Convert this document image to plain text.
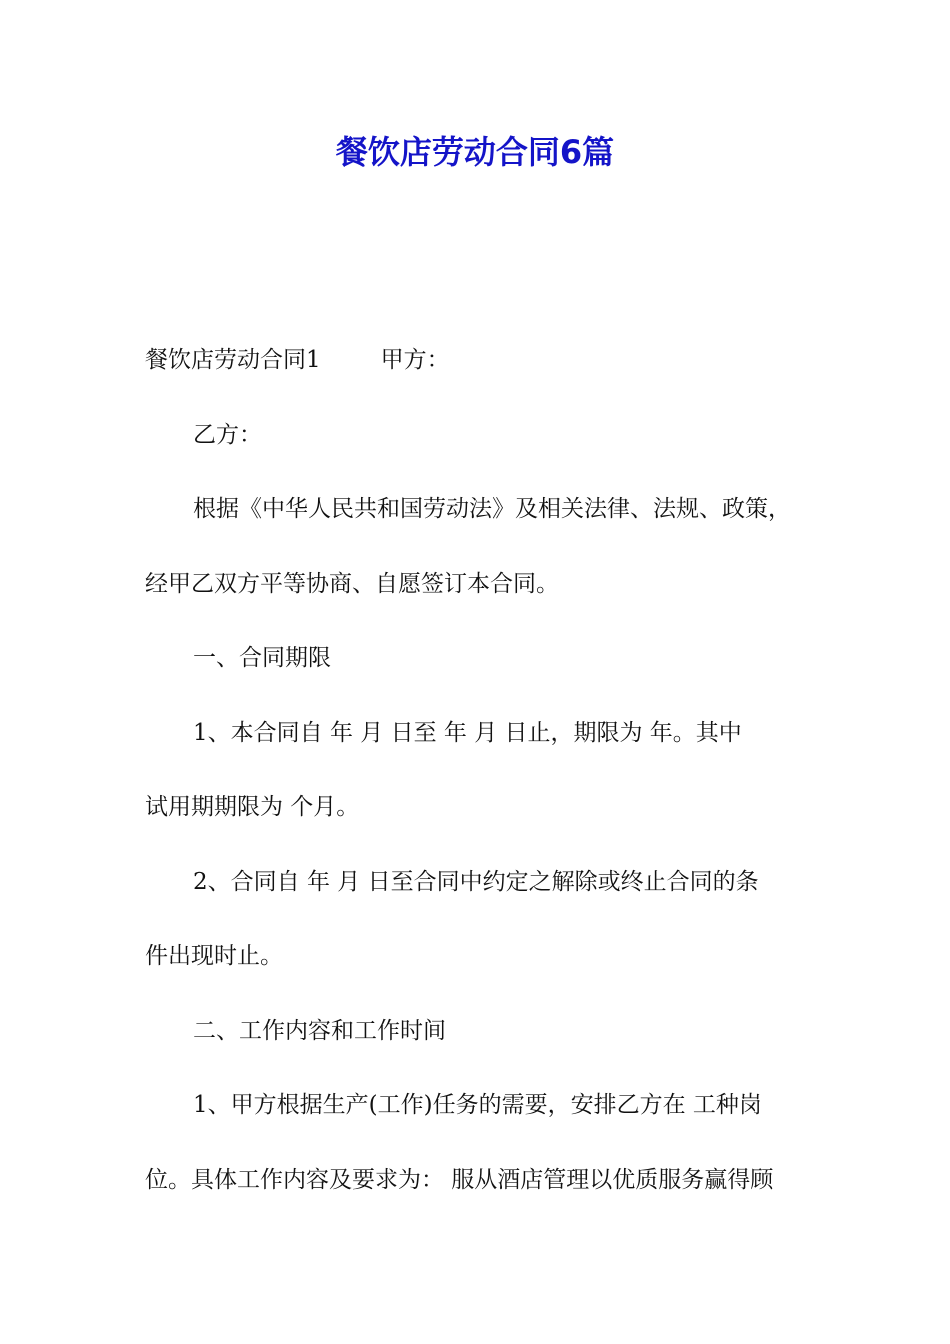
餐饮店劳动合同6篇
餐饮店劳动合同1	甲方：
乙方：
根据《中华人民共和国劳动法》及相关法律、法规、政策，
经甲乙双方平等协商、自愿签订本合同。
一、合同期限
1、本合同自 年 月 日至 年 月 日止，期限为 年。其中
试用期期限为 个月。
2、合同自 年 月 日至合同中约定之解除或终止合同的条
件出现时止。
二、工作内容和工作时间
1、甲方根据生产(工作)任务的需要，安排乙方在 工种岗
位。具体工作内容及要求为： 服从酒店管理以优质服务赢得顾
